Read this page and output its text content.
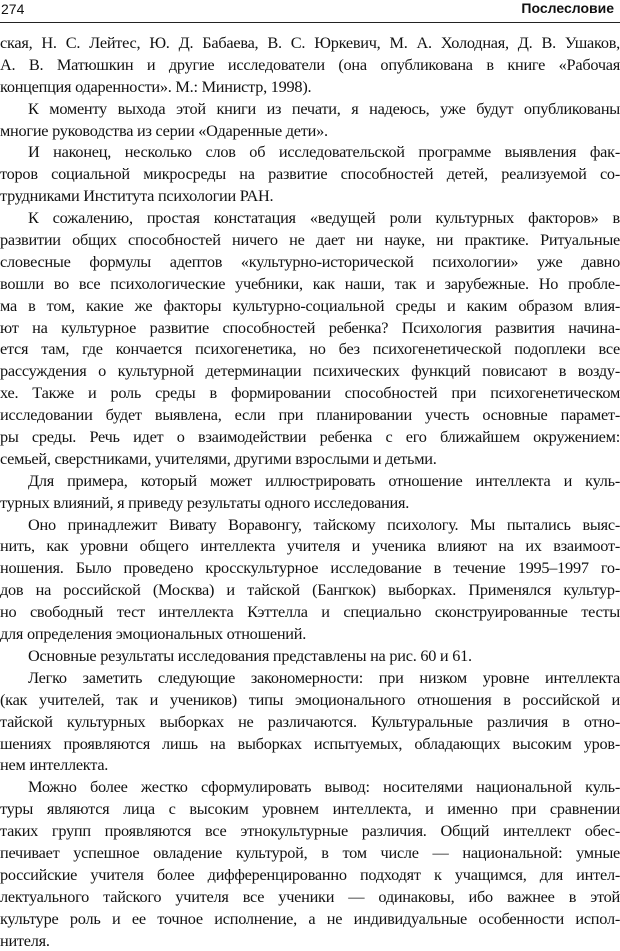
274	Послесловие
ская, Н. С. Лейтес, Ю. Д. Бабаева, В. С. Юркевич, М. А. Холодная, Д. В. Ушаков,
А. В. Матюшкин и другие исследователи (она опубликована в книге «Рабочая
концепция одаренности». М.: Министр, 1998).
К моменту выхода этой книги из печати, я надеюсь, уже будут опубликованы
многие руководства из серии «Одаренные дети».
И наконец, несколько слов об исследовательской программе выявления фак-
торов социальной микросреды на развитие способностей детей, реализуемой со-
трудниками Института психологии РАН.
К сожалению, простая констатация «ведущей роли культурных факторов» в
развитии общих способностей ничего не дает ни науке, ни практике. Ритуальные
словесные формулы адептов «культурно-исторической психологии» уже давно
вошли во все психологические учебники, как наши, так и зарубежные. Но пробле-
ма в том, какие же факторы культурно-социальной среды и каким образом влия-
ют на культурное развитие способностей ребенка? Психология развития начина-
ется там, где кончается психогенетика, но без психогенетической подоплеки все
рассуждения о культурной детерминации психических функций повисают в возду-
хе. Также и роль среды в формировании способностей при психогенетическом
исследовании будет выявлена, если при планировании учесть основные парамет-
ры среды. Речь идет о взаимодействии ребенка с его ближайшем окружением:
семьей, сверстниками, учителями, другими взрослыми и детьми.
Для примера, который может иллюстрировать отношение интеллекта и куль-
турных влияний, я приведу результаты одного исследования.
Оно принадлежит Вивату Воравонгу, тайскому психологу. Мы пытались выяс-
нить, как уровни общего интеллекта учителя и ученика влияют на их взаимоот-
ношения. Было проведено кросскультурное исследование в течение 1995–1997 го-
дов на российской (Москва) и тайской (Бангкок) выборках. Применялся культур-
но свободный тест интеллекта Кэттелла и специально сконструированные тесты
для определения эмоциональных отношений.
Основные результаты исследования представлены на рис. 60 и 61.
Легко заметить следующие закономерности: при низком уровне интеллекта
(как учителей, так и учеников) типы эмоционального отношения в российской и
тайской культурных выборках не различаются. Культуральные различия в отно-
шениях проявляются лишь на выборках испытуемых, обладающих высоким уров-
нем интеллекта.
Можно более жестко сформулировать вывод: носителями национальной куль-
туры являются лица с высоким уровнем интеллекта, и именно при сравнении
таких групп проявляются все этнокультурные различия. Общий интеллект обес-
печивает успешное овладение культурой, в том числе — национальной: умные
российские учителя более дифференцированно подходят к учащимся, для интел-
лектуального тайского учителя все ученики — одинаковы, ибо важнее в этой
культуре роль и ее точное исполнение, а не индивидуальные особенности испол-
нителя.
